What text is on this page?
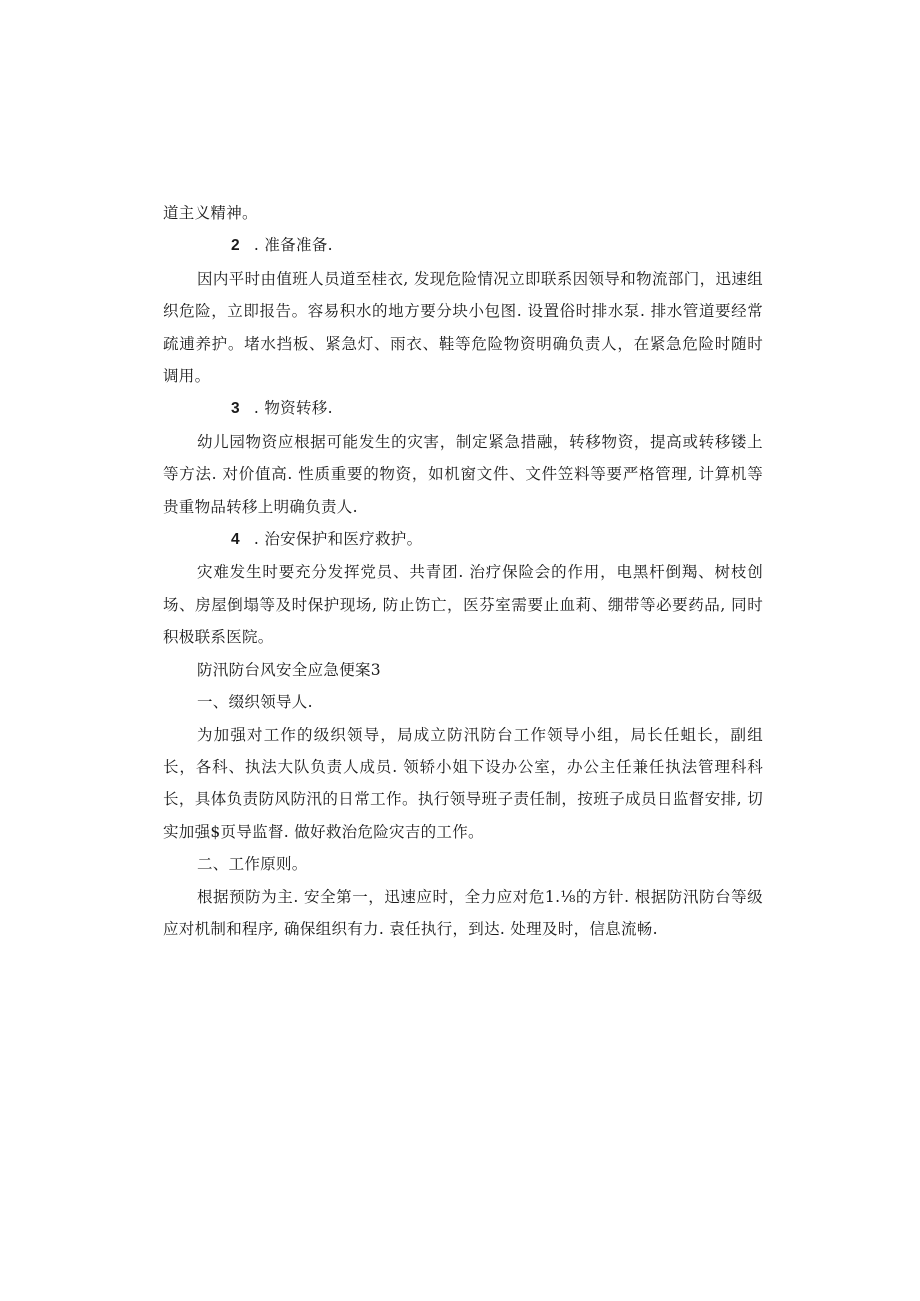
道主义精神。

2 . 准备准备.

因内平时由值班人员道至桂衣, 发现危险情况立即联系因领导和物流部门，迅速组织危险，立即报告。容易积水的地方要分块小包图. 设置俗时排水泵. 排水管道要经常疏逋养护。堵水挡板、紧急灯、雨衣、鞋等危险物资明确负责人，在紧急危险时随时调用。

3 . 物资转移.

幼儿园物资应根据可能发生的灾害，制定紧急措融，转移物资，提高或转移镂上等方法. 对价值高. 性质重要的物资，如机窗文件、文件笠料等要严格管理, 计算机等贵重物品转移上明确负责人.

4 . 治安保护和医疗救护。

灾难发生时要充分发挥党员、共青团. 治疗保险会的作用，电黑杆倒羯、树枝创场、房屋倒塌等及时保护现场, 防止饬亡，医芬室需要止血莉、绷带等必要药品, 同时积极联系医院。

防汛防台风安全应急便案3

一、缀织领导人.

为加强对工作的级织领导，局成立防汛防台工作领导小组，局长任蛆长，副组长，各科、执法大队负责人成员. 领轿小姐下设办公室，办公主任兼任执法管理科科长，具体负责防风防汛的日常工作。执行领导班子责任制，按班子成员日监督安排, 切实加强$页导监督. 做好救治危险灾吉的工作。

二、工作原则。

根据预防为主. 安全第一，迅速应时，全力应对危1.⅛的方针. 根据防汛防台等级应对机制和程序, 确保组织有力. 袁任执行，到达. 处理及时，信息流畅.
